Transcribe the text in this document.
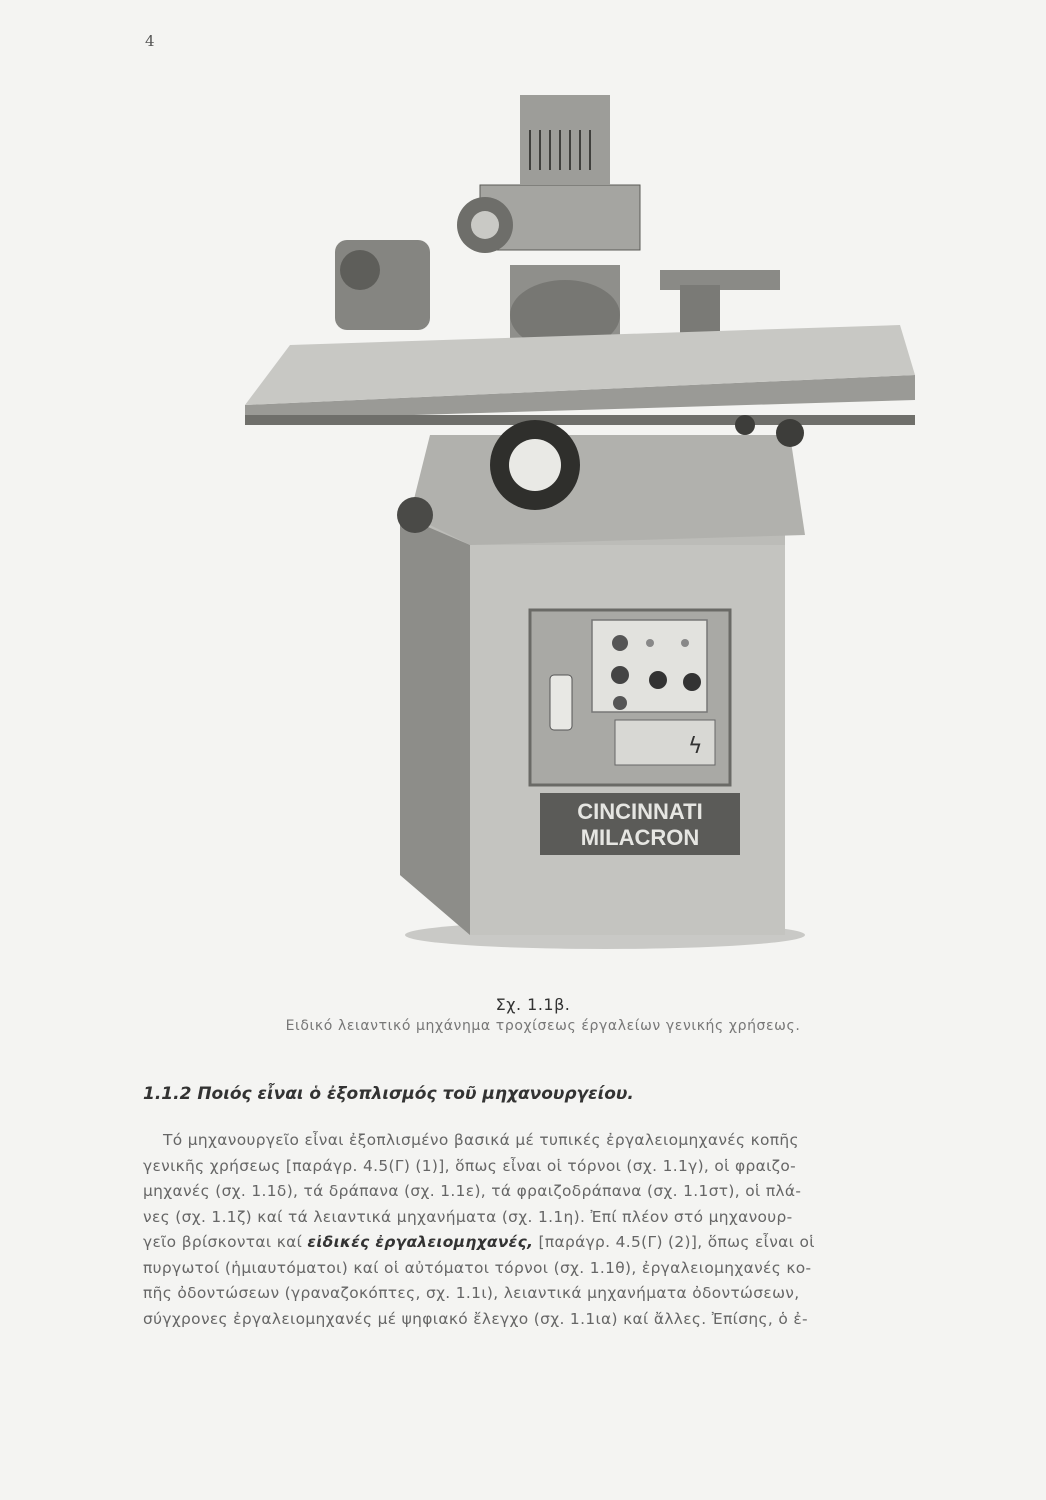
4
ϟ
CINCINNATI
MILACRON
Σχ. 1.1β.
Ειδικό λειαντικό μηχάνημα τροχίσεως έργαλείων γενικής χρήσεως.
1.1.2 Ποιός εἶναι ὁ ἐξοπλισμός τοῦ μηχανουργείου.

Τό μηχανουργεῖο εἶναι ἐξοπλισμένο βασικά μέ τυπικές ἐργαλειομηχανές κοπῆς

γενικῆς χρήσεως [παράγρ. 4.5(Γ) (1)], ὅπως εἶναι οἱ τόρνοι (σχ. 1.1γ), οἱ φραιζο-

μηχανές (σχ. 1.1δ), τά δράπανα (σχ. 1.1ε), τά φραιζοδράπανα (σχ. 1.1στ), οἱ πλά-

νες (σχ. 1.1ζ) καί τά λειαντικά μηχανήματα (σχ. 1.1η). Ἐπί πλέον στό μηχανουρ-

γεῖο βρίσκονται καί εἰδικές ἐργαλειομηχανές, [παράγρ. 4.5(Γ) (2)], ὅπως εἶναι οἱ

πυργωτοί (ἡμιαυτόματοι) καί οἱ αὐτόματοι τόρνοι (σχ. 1.1θ), ἐργαλειομηχανές κο-

πῆς ὀδοντώσεων (γραναζοκόπτες, σχ. 1.1ι), λειαντικά μηχανήματα ὀδοντώσεων,

σύγχρονες ἐργαλειομηχανές μέ ψηφιακό ἔλεγχο (σχ. 1.1ια) καί ἄλλες. Ἐπίσης, ὁ ἐ-
